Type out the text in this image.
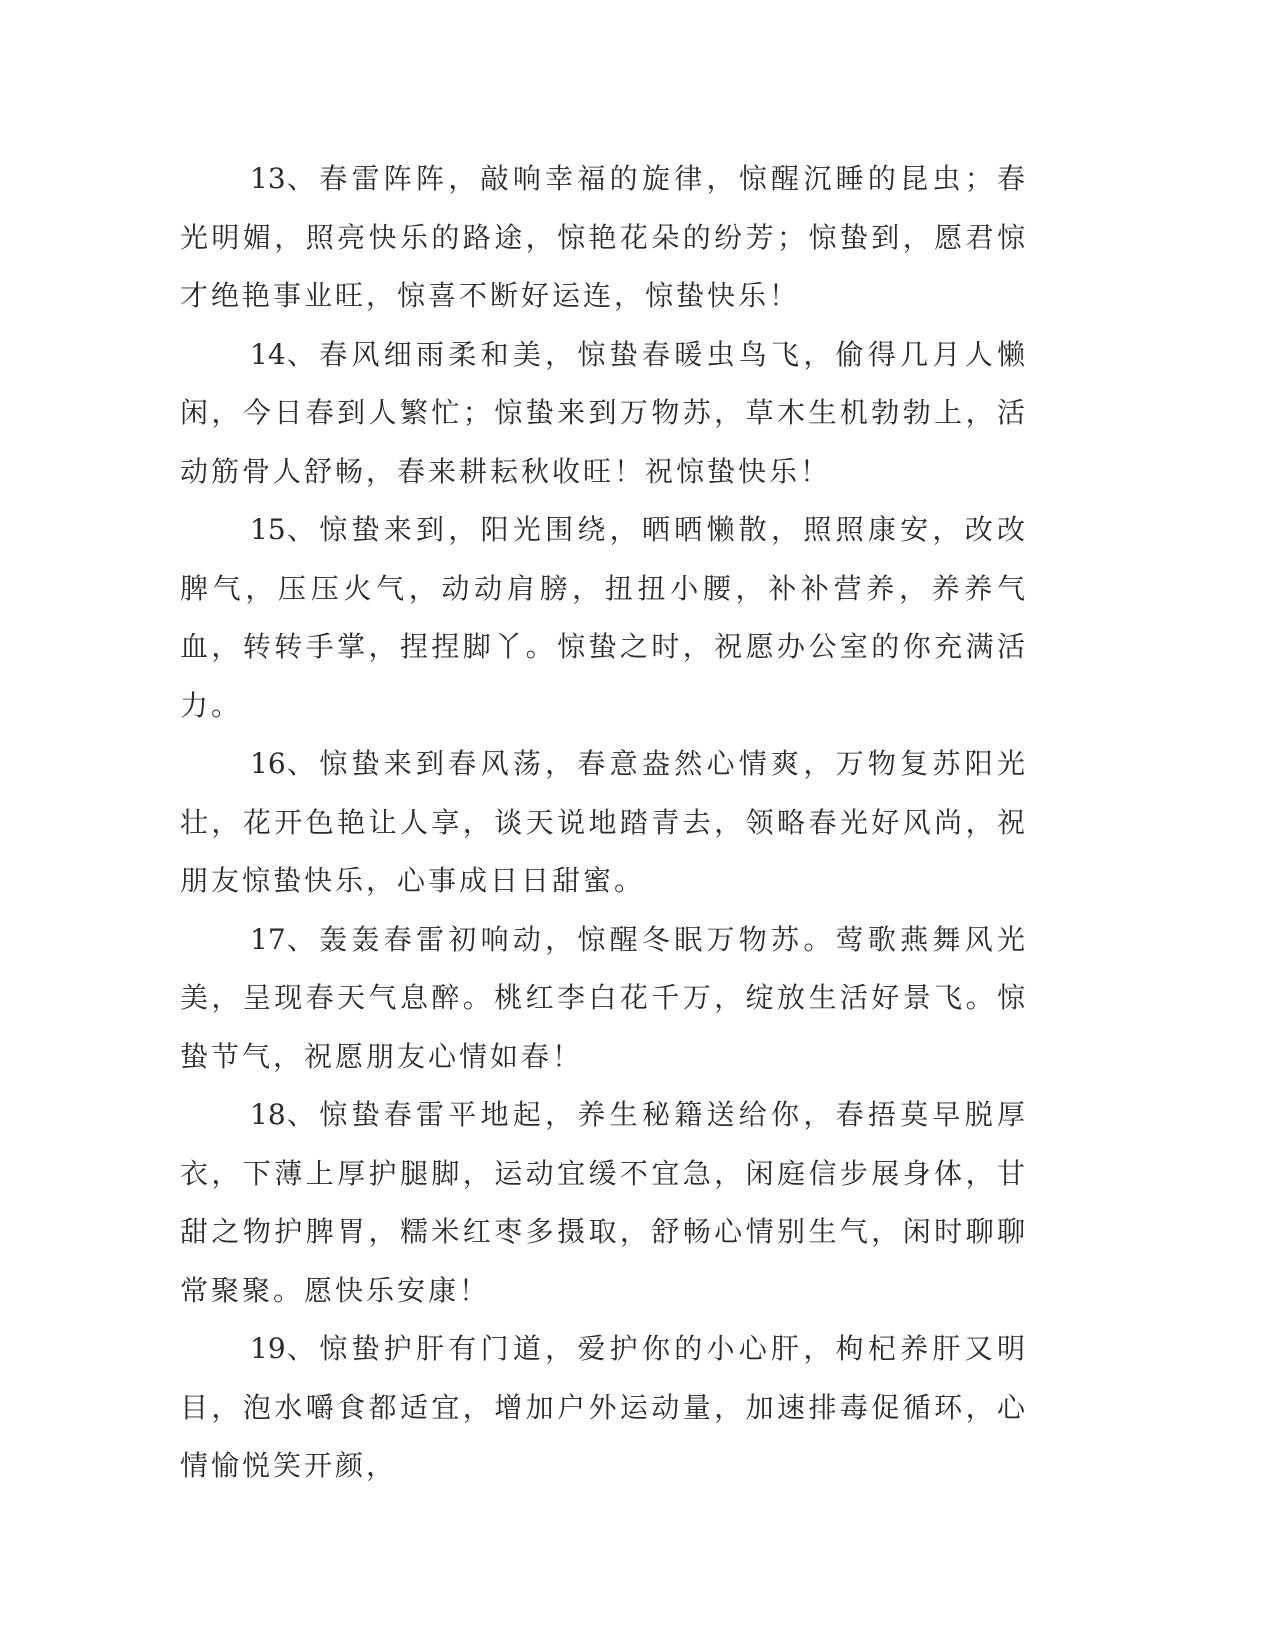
13、春雷阵阵，敲响幸福的旋律，惊醒沉睡的昆虫；春光明媚，照亮快乐的路途，惊艳花朵的纷芳；惊蛰到，愿君惊才绝艳事业旺，惊喜不断好运连，惊蛰快乐！

14、春风细雨柔和美，惊蛰春暖虫鸟飞，偷得几月人懒闲，今日春到人繁忙；惊蛰来到万物苏，草木生机勃勃上，活动筋骨人舒畅，春来耕耘秋收旺！祝惊蛰快乐！

15、惊蛰来到，阳光围绕，晒晒懒散，照照康安，改改脾气，压压火气，动动肩膀，扭扭小腰，补补营养，养养气血，转转手掌，捏捏脚丫。惊蛰之时，祝愿办公室的你充满活力。

16、惊蛰来到春风荡，春意盎然心情爽，万物复苏阳光壮，花开色艳让人享，谈天说地踏青去，领略春光好风尚，祝朋友惊蛰快乐，心事成日日甜蜜。

17、轰轰春雷初响动，惊醒冬眠万物苏。莺歌燕舞风光美，呈现春天气息醉。桃红李白花千万，绽放生活好景飞。惊蛰节气，祝愿朋友心情如春！

18、惊蛰春雷平地起，养生秘籍送给你，春捂莫早脱厚衣，下薄上厚护腿脚，运动宜缓不宜急，闲庭信步展身体，甘甜之物护脾胃，糯米红枣多摄取，舒畅心情别生气，闲时聊聊常聚聚。愿快乐安康！

19、惊蛰护肝有门道，爱护你的小心肝，枸杞养肝又明目，泡水嚼食都适宜，增加户外运动量，加速排毒促循环，心情愉悦笑开颜，
